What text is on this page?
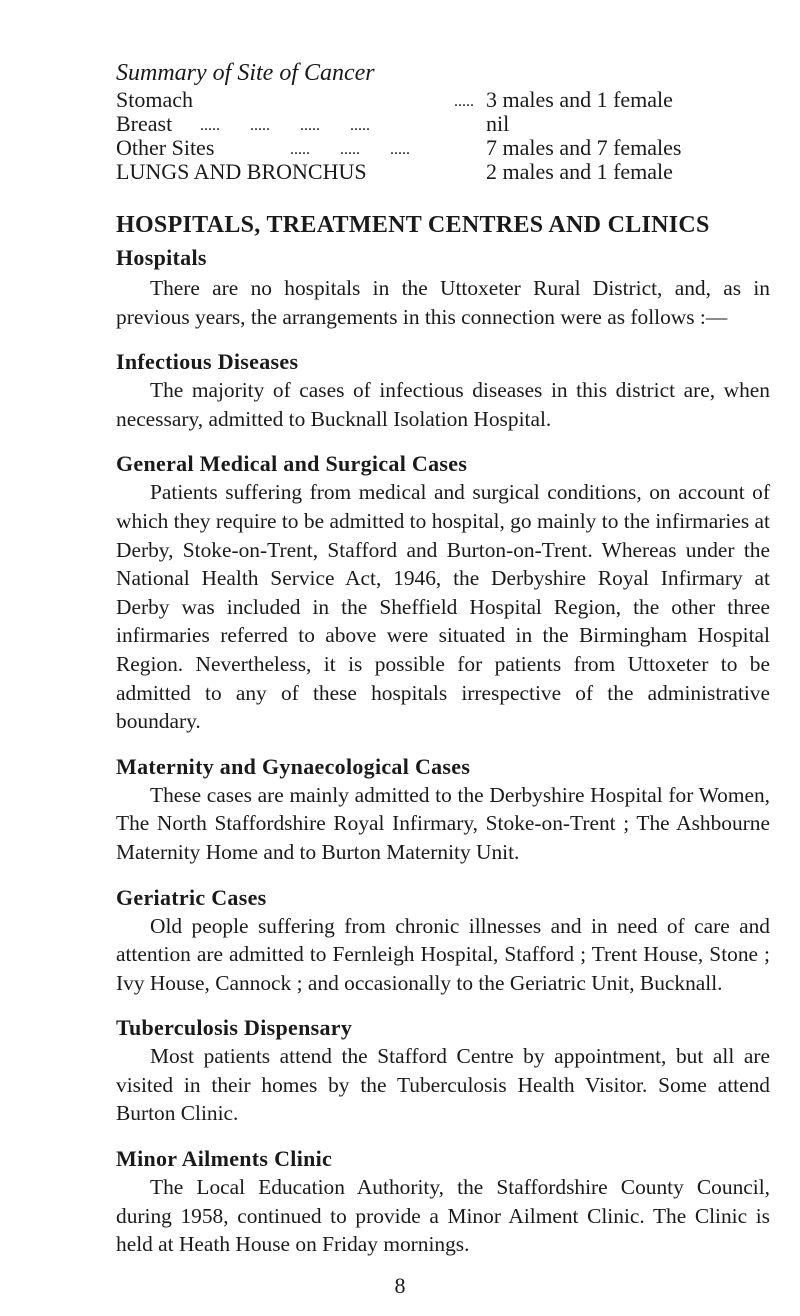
Summary of Site of Cancer
Stomach	..... 3 males and 1 female
Breast ..... ..... ..... .....	nil
Other Sites	..... ..... .....	7 males and 7 females
LUNGS AND BRONCHUS	2 males and 1 female
HOSPITALS, TREATMENT CENTRES AND CLINICS
Hospitals

There are no hospitals in the Uttoxeter Rural District, and, as in previous years, the arrangements in this connection were as follows :—

Infectious Diseases

The majority of cases of infectious diseases in this district are, when necessary, admitted to Bucknall Isolation Hospital.

General Medical and Surgical Cases

Patients suffering from medical and surgical conditions, on account of which they require to be admitted to hospital, go mainly to the infirmaries at Derby, Stoke-on-Trent, Stafford and Burton-on-Trent. Whereas under the National Health Service Act, 1946, the Derbyshire Royal Infirmary at Derby was included in the Sheffield Hospital Region, the other three infirmaries referred to above were situated in the Birmingham Hospital Region. Nevertheless, it is possible for patients from Uttoxeter to be admitted to any of these hospitals irrespective of the administrative boundary.

Maternity and Gynaecological Cases

These cases are mainly admitted to the Derbyshire Hospital for Women, The North Staffordshire Royal Infirmary, Stoke-on-Trent ; The Ashbourne Maternity Home and to Burton Maternity Unit.

Geriatric Cases

Old people suffering from chronic illnesses and in need of care and attention are admitted to Fernleigh Hospital, Stafford ; Trent House, Stone ; Ivy House, Cannock ; and occasionally to the Geriatric Unit, Bucknall.

Tuberculosis Dispensary

Most patients attend the Stafford Centre by appointment, but all are visited in their homes by the Tuberculosis Health Visitor. Some attend Burton Clinic.

Minor Ailments Clinic

The Local Education Authority, the Staffordshire County Council, during 1958, continued to provide a Minor Ailment Clinic. The Clinic is held at Heath House on Friday mornings.

8
